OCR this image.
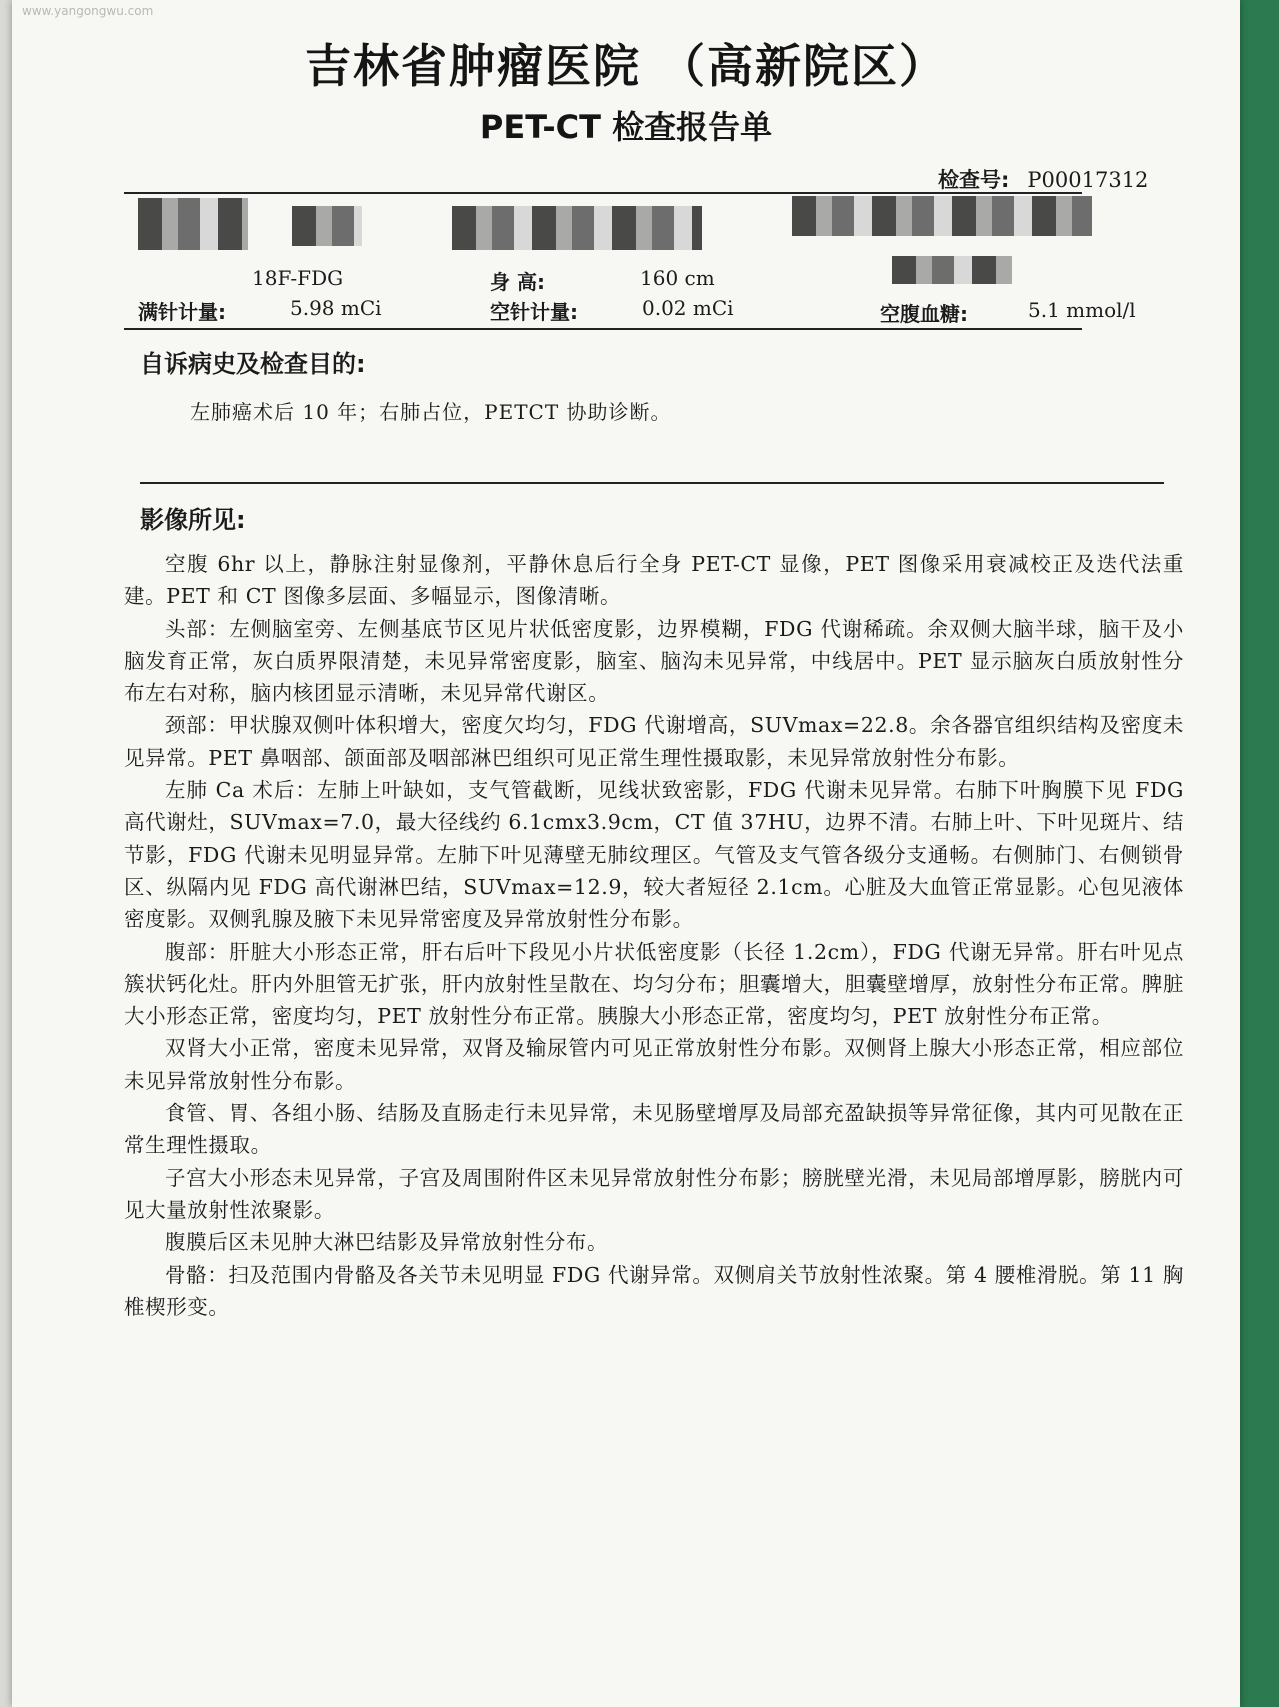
www.yangongwu.com
吉林省肿瘤医院 （高新院区）
PET-CT 检查报告单
检查号: P00017312
18F-FDG	身 高:	160 cm
满针计量:	5.98 mCi	空针计量:	0.02 mCi	空腹血糖:	5.1 mmol/l
自诉病史及检查目的:
左肺癌术后 10 年；右肺占位，PETCT 协助诊断。
影像所见:

空腹 6hr 以上，静脉注射显像剂，平静休息后行全身 PET-CT 显像，PET 图像采用衰减校正及迭代法重建。PET 和 CT 图像多层面、多幅显示，图像清晰。

头部：左侧脑室旁、左侧基底节区见片状低密度影，边界模糊，FDG 代谢稀疏。余双侧大脑半球，脑干及小脑发育正常，灰白质界限清楚，未见异常密度影，脑室、脑沟未见异常，中线居中。PET 显示脑灰白质放射性分布左右对称，脑内核团显示清晰，未见异常代谢区。

颈部：甲状腺双侧叶体积增大，密度欠均匀，FDG 代谢增高，SUVmax=22.8。余各器官组织结构及密度未见异常。PET 鼻咽部、颌面部及咽部淋巴组织可见正常生理性摄取影，未见异常放射性分布影。

左肺 Ca 术后：左肺上叶缺如，支气管截断，见线状致密影，FDG 代谢未见异常。右肺下叶胸膜下见 FDG 高代谢灶，SUVmax=7.0，最大径线约 6.1cmx3.9cm，CT 值 37HU，边界不清。右肺上叶、下叶见斑片、结节影，FDG 代谢未见明显异常。左肺下叶见薄壁无肺纹理区。气管及支气管各级分支通畅。右侧肺门、右侧锁骨区、纵隔内见 FDG 高代谢淋巴结，SUVmax=12.9，较大者短径 2.1cm。心脏及大血管正常显影。心包见液体密度影。双侧乳腺及腋下未见异常密度及异常放射性分布影。

腹部：肝脏大小形态正常，肝右后叶下段见小片状低密度影（长径 1.2cm），FDG 代谢无异常。肝右叶见点簇状钙化灶。肝内外胆管无扩张，肝内放射性呈散在、均匀分布；胆囊增大，胆囊壁增厚，放射性分布正常。脾脏大小形态正常，密度均匀，PET 放射性分布正常。胰腺大小形态正常，密度均匀，PET 放射性分布正常。

双肾大小正常，密度未见异常，双肾及输尿管内可见正常放射性分布影。双侧肾上腺大小形态正常，相应部位未见异常放射性分布影。

食管、胃、各组小肠、结肠及直肠走行未见异常，未见肠壁增厚及局部充盈缺损等异常征像，其内可见散在正常生理性摄取。

子宫大小形态未见异常，子宫及周围附件区未见异常放射性分布影；膀胱壁光滑，未见局部增厚影，膀胱内可见大量放射性浓聚影。

腹膜后区未见肿大淋巴结影及异常放射性分布。

骨骼：扫及范围内骨骼及各关节未见明显 FDG 代谢异常。双侧肩关节放射性浓聚。第 4 腰椎滑脱。第 11 胸椎楔形变。
